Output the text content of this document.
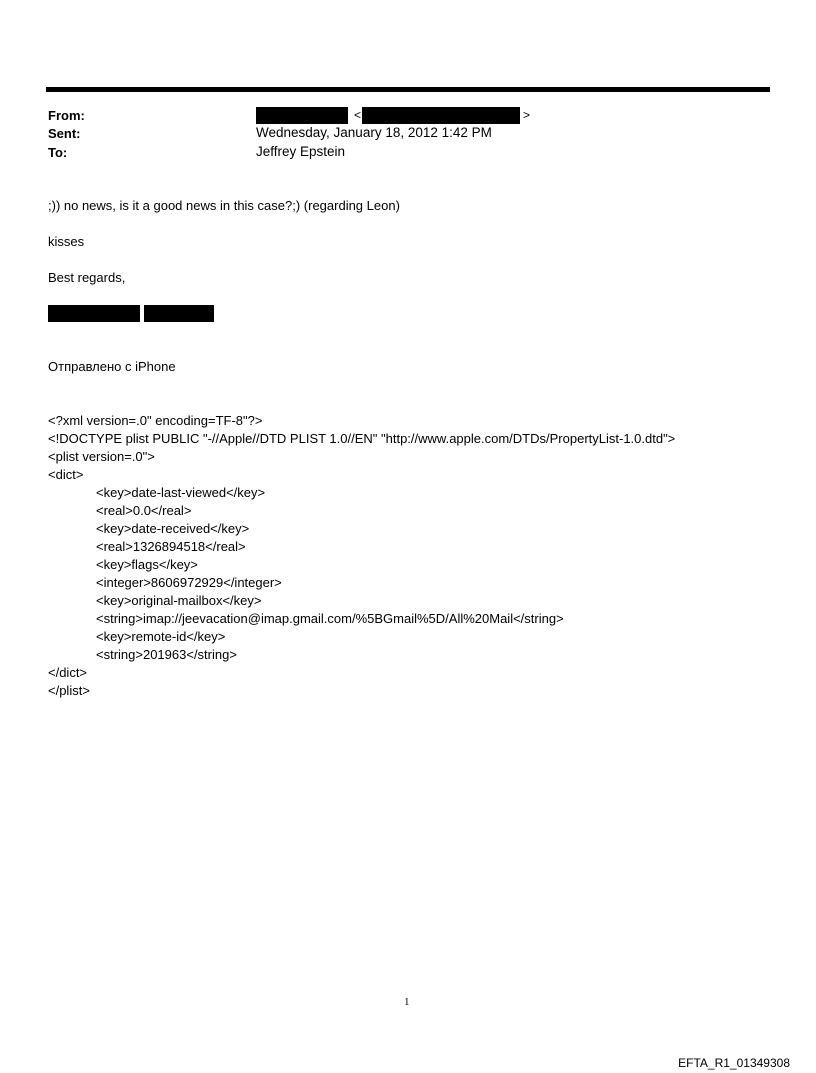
From:	<	>
Sent:	Wednesday, January 18, 2012 1:42 PM
To:	Jeffrey Epstein
;)) no news, is it a good news in this case?;) (regarding Leon)
kisses
Best regards,
Отправлено с iPhone
<?xml version=.0" encoding=TF-8"?>
<!DOCTYPE plist PUBLIC "-//Apple//DTD PLIST 1.0//EN" "http://www.apple.com/DTDs/PropertyList-1.0.dtd">
<plist version=.0">
<dict>
<key>date-last-viewed</key>
<real>0.0</real>
<key>date-received</key>
<real>1326894518</real>
<key>flags</key>
<integer>8606972929</integer>
<key>original-mailbox</key>
<string>imap://jeevacation@imap.gmail.com/%5BGmail%5D/All%20Mail</string>
<key>remote-id</key>
<string>201963</string>
</dict>
</plist>
1
EFTA_R1_01349308
